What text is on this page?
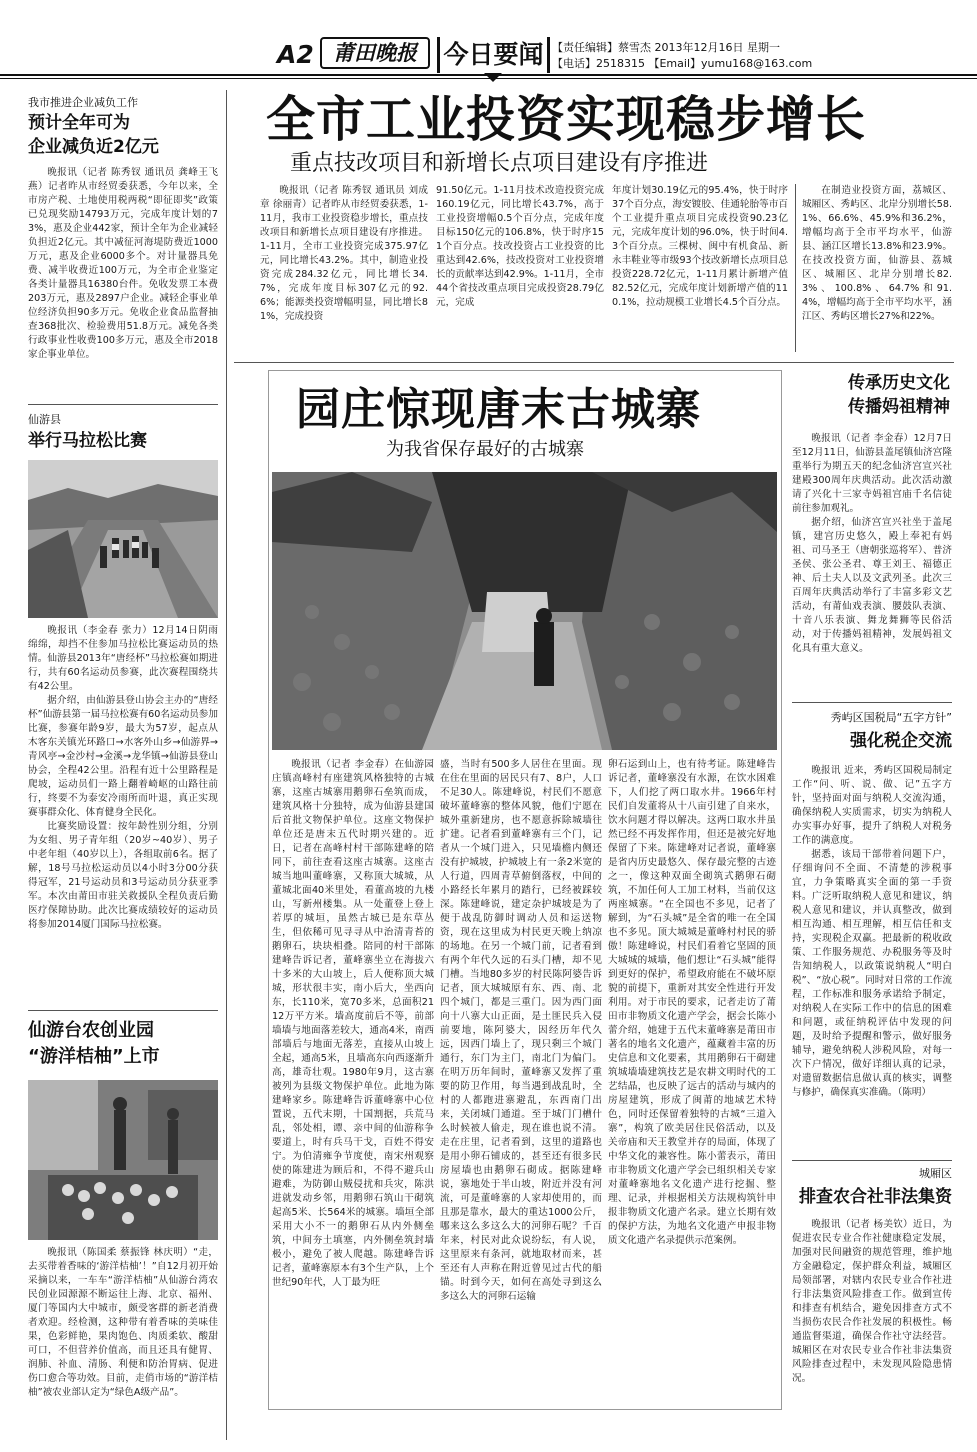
A2 莆田晚报	今日要闻 【责任编辑】蔡雪杰 2013年12月16日 星期一
【电话】2518315 【Email】yumu168@163.com
我市推进企业减负工作
预计全年可为
企业减负近2亿元
晚报讯（记者 陈秀钗 通讯员 龚峰王飞燕）记者昨从市经贸委获悉，今年以来，全市房产税、土地使用税两税“即征即奖”政策已兑现奖励14793万元，完成年度计划的73%，惠及企业442家，预计全年为企业减轻负担近2亿元。其中减征河海堤防费近1000万元，惠及企业6000多个。对计量器具免费、减半收费近100万元，为全市企业鉴定各类计量器具16380台件。免收发票工本费203万元，惠及2897户企业。减轻企事业单位经济负担90多万元。免收企业食品监督抽查368批次、检验费用51.8万元。减免各类行政事业性收费100多万元，惠及全市2018家企事业单位。
仙游县
举行马拉松比赛

晚报讯（李金春 张力）12月14日阴雨绵绵，却挡不住参加马拉松比赛运动员的热情。仙游县2013年“唐经杯”马拉松赛如期进行，共有60名运动员参赛，此次赛程围绕共有42公里。

据介绍，由仙游县登山协会主办的“唐经杯”仙游县第一届马拉松赛有60名运动员参加比赛，参赛年龄9岁，最大为57岁，起点从木客东关镇光环路口→水客外山乡→仙游界→青风亭→金沙村→金溪→龙华镇→仙游县登山协会，全程42公里。沿程有近十公里路程是爬坡，运动员们一路上翻着崎岖的山路往前行，终要不为泰安冷雨所而叶退，真正实现赛事群众化、体育健身全民化。

比赛奖励设置：按年龄性别分组，分别为女组、男子青年组（20岁~40岁）、男子中老年组（40岁以上），各组取前6名。据了解，18号马拉松运动员以4小时3分00分获得冠军，21号运动员和3号运动员分获亚季军。本次由莆田市驻关救援队全程负责后勤医疗保障协助。此次比赛成绩较好的运动员将参加2014厦门国际马拉松赛。

仙游台农创业园
“游洋桔柚”上市
晚报讯（陈国柔 蔡振锋 林庆明）“走，去买带着香味的‘游洋桔柚’！”自12月初开始采摘以来，一车车“游洋桔柚”从仙游台湾农民创业园源源不断运往上海、北京、福州、厦门等国内大中城市，颇受客群的新老消费者欢迎。经检测，这种带有着香味的美味佳果，色彩鲜艳，果肉饱色、肉质柔软、酸甜可口，不但营养价值高，而且还具有健胃、润肺、补血、清肠、利便和防治胃病、促进伤口愈合等功效。目前，走俏市场的“游洋桔柚”被农业部认定为“绿色A级产品”。
全市工业投资实现稳步增长
重点技改项目和新增长点项目建设有序推进
晚报讯（记者 陈秀钗 通讯员 刘成章 徐丽青）记者昨从市经贸委获悉，1-11月，我市工业投资稳步增长，重点技改项目和新增长点项目建设有序推进。1-11月，全市工业投资完成375.97亿元，同比增长43.2%。其中，制造业投资完成284.32亿元，同比增长34.7%，完成年度目标307亿元的92.6%；能源类投资增幅明显，同比增长81%，完成投资
91.50亿元。1-11月技术改造投资完成160.19亿元，同比增长43.7%，高于工业投资增幅0.5个百分点，完成年度目标150亿元的106.8%，快于时序151个百分点。技改投资占工业投资的比重达到42.6%，技改投资对工业投资增长的贡献率达到42.9%。1-11月，全市44个省技改重点项目完成投资28.79亿元，完成
年度计划30.19亿元的95.4%，快于时序37个百分点，海安镀胶、佳通轮胎等市百个工业提升重点项目完成投资90.23亿元，完成年度计划的96.0%，快于时间4.3个百分点。三棵树、闽中有机食品、新永丰鞋业等市级93个技改新增长点项目总投资228.72亿元，1-11月累计新增产值82.52亿元，完成年度计划新增产值的110.1%，拉动规模工业增长4.5个百分点。
在制造业投资方面，荔城区、城厢区、秀屿区、北岸分别增长58.1%、66.6%、45.9%和36.2%，增幅均高于全市平均水平，仙游县、涵江区增长13.8%和23.9%。在技改投资方面，仙游县、荔城区、城厢区、北岸分别增长82.3%、100.8%、64.7%和91.4%，增幅均高于全市平均水平，涵江区、秀屿区增长27%和22%。
园庄惊现唐末古城寨
为我省保存最好的古城寨
晚报讯（记者 李金春）在仙游园庄镇高峰村有座建筑风格独特的古城寨，这座古城寨用鹅卵石垒筑而成，建筑风格十分独特，成为仙游县建国后首批文物保护单位。这座文物保护单位还是唐末五代时期兴建的。近日，记者在高峰村村干部陈建峰的陪同下，前往查看这座古城寨。这座古城当地叫董峰寨，又称顶大城城，从董城北面40米里处，看董高坡的九楼山，写新州楼集。从一处董登上登上若厚的城垣，虽然古城已是东草丛生，但依稀可见寻寻从中治清青苔的鹅卵石，块块相叠。陪同的村干部陈建峰告诉记者，董峰寨坐立在海拔六十多米的大山坡上，后人便称顶大城城，形状很丰实，南小后大，坐西向东，长110米，宽70多米，总面积2112万平方米。墙高度前后不等，前部墙墙与地面落差较大，通高4米，南西部墙后与地面无落差，直接从山坡上全起，通高5米，且墙高东向西逐渐升高，雄奇壮观。1980年9月，这古寨被列为县级文物保护单位。此地为陈建峰家乡。陈建峰告诉董峰寨中心位置说，五代末期，十国割据，兵荒马乱，邻处相，谭、亲中间的仙游称争要道上，时有兵马干戈，百姓不得安宁。为伯清雍争节度使，南宋州观察使的陈建进为顾后和，不得不避兵山避难，为防御山贼侵扰和兵灾，陈洪进就发动乡邻，用鹅卵石筑山干砌筑起高5米、长564米的城寨。墙垣全部采用大小不一的鹅卵石从内外侧垒筑，中间夯土填塞，内外侧垒筑封墙极小，避免了被人爬越。陈建峰告诉记者，董峰寨原本有3个生产队，上个世纪90年代，人丁最为旺
盛，当时有500多人居住在里面。现在住在里面的居民只有7、8户，人口不足30人。陈建峰说，村民们不愿意破坏董峰寨的整体风貌，他们宁愿在城外重新建房，也不愿意拆除城墙往扩建。记者看到董峰寨有三个门，记者从一个城门进入，只见墙檐内侧还没有护城坡，护城坡上有一条2米宽的人行道，四周青草俯倒落杈，中间的小路经长年累月的踏行，已经被踩较深。陈建峰说，建定杂护城坡是为了便于战乱防御时调动人员和运送物资，现在这里成为村民更天晚上纳凉的场地。在另一个城门前，记者看到有两个年代久远的石头门槽，却不见门槽。当地80多岁的村民陈阿婆告诉记者，顶大城城原有东、西、南、北四个城门，都是三重门。因为西门面向十八寨大山正面，是土匪民兵入侵前要地，陈阿婆大，因经历年代久远，因西门墙上了，现只剩三个城门通行，东门为主门，南北门为偏门。在明万历年间时，董峰寨又发挥了重要的防卫作用，每当遇到战乱时，全村的人都跑进寨避乱，东西南门出来，关闭城门通道。至于城门门槽什么时候被人偷走，现在谁也说不清。走在庄里，记者看到，这里的道路也是用小卵石铺成的，甚至还有很多民房屋墙也由鹅卵石砌成。据陈建峰说，寨地处于半山坡，附近并没有河流，可是董峰寨的人家却使用的，而且那是靠水，最大的重达1000公斤，哪来这么多这么大的河卵石呢？千百年来，村民对此众说纷纭，有人说，这里原来有条河，就地取材而来，甚至还有人声称在附近曾见过古代的船锚。时到今天，如何在高处寻到这么多这么大的河卵石运输
卵石运到山上，也有待考证。陈建峰告诉记者，董峰寨没有水源，在饮水困难下，人们挖了两口取水井。1966年村民们自发董将从十八亩引建了自来水，饮水问题才得以解决。这两口取水井虽然已经不再发挥作用，但还是被完好地保留了下来。陈建峰对记者说，董峰寨是省内历史最悠久、保存最完整的古迹之一，像这种双面全砌筑式鹅卵石砌筑，不加任何人工加工材料，当前仅这两座城寨。“在全国也不多见，记者了解到，为“石头城”是全省的唯一在全国也不多见。顶大城城是董峰村村民的骄傲！陈建峰说，村民们看着它坚固的顶大城城的城墙，他们想让“石头城”能得到更好的保护，希望政府能在不破坏原貌的前提下，重新对其安全性进行开发利用。对于市民的要求，记者走访了莆田市非物质文化遗产学会，据会长陈小蕾介绍，她建于五代末董峰寨是莆田市著名的地名文化遗产，蕴藏着丰富的历史信息和文化要素，其用鹅卵石干砌建筑城墙墙建筑技艺是农耕文明时代的工艺结晶，也反映了远古的活动与城内的房屋建筑，形成了闽莆的地域艺术特色，同时还保留着独特的古城“三道入寨”，构筑了欧美居住民俗活动，以及关帝庙和天王教堂并存的局面，体现了中华文化的兼容性。陈小蕾表示，莆田市非物质文化遗产学会已组织相关专家对董峰寨地名文化遗产进行挖掘、整理、记录，并根据相关方法规构筑针申报非物质文化遗产名录。建立长期有效的保护方法，为地名文化遗产申报非物质文化遗产名录提供示范案例。
传承历史文化
传播妈祖精神

晚报讯（记者 李金春）12月7日至12月11日，仙游县盖尾镇仙济宫隆重举行为期五天的纪念仙济宫宣兴社建殿300周年庆典活动。此次活动激请了兴化十三家寺妈祖宫庙千名信徒前往参加观礼。

据介绍，仙济宫宣兴社坐于盖尾镇，建宫历史悠久，殿上奉祀有妈祖、司马圣王（唐朝张巡将军）、普济圣侯、张公圣君、尊王刘王、福德正神、后土夫人以及文武列圣。此次三百周年庆典活动举行了丰富多彩文艺活动，有莆仙戏表演、腰鼓队表演、十音八乐表演、舞龙舞狮等民俗活动，对于传播妈祖精神，发展妈祖文化具有重大意义。

秀屿区国税局“五字方针”
强化税企交流

晚报讯 近来，秀屿区国税局制定工作“问、听、说、做、记”五字方针，坚持面对面与纳税人交流沟通，确保纳税人实质需求，切实为纳税人办实事办好事，提升了纳税人对税务工作的满意度。

据悉，该局干部带着问题下户，仔细询问不全面、不清楚的涉税事宜，力争策略真实全面的第一手资料。广泛听取纳税人意见和建议，纳税人意见和建议，并认真整改，做到相互沟通、相互理解，相互信任和支持，实现税企双赢。把最新的税收政策、工作服务规范、办税服务等及时告知纳税人，以政策说纳税人“明白税”、“放心税”。同时对日常的工作流程，工作标准和服务承诺给予制定，对纳税人在实际工作中的信息的困难和问题，或征纳税评估中发现的问题，及时给予提醒和警示，做好服务辅导，避免纳税人涉税风险，对每一次下户情况，做好详细认真的记录，对遗留数据信息做认真的核实，调整与修护，确保真实准确。（陈明）

城厢区
排查农合社非法集资
晚报讯（记者 杨美钦）近日，为促进农民专业合作社健康稳定发展，加强对民间融资的规范管理，维护地方金融稳定，保护群众利益，城厢区局领部署，对辖内农民专业合作社进行非法集资风险排查工作。做到宣传和排查有机结合，避免因排查方式不当损伤农民合作社发展的积极性。畅通监督渠道，确保合作社守法经营。城厢区在对农民专业合作社非法集资风险排查过程中，未发现风险隐患情况。
